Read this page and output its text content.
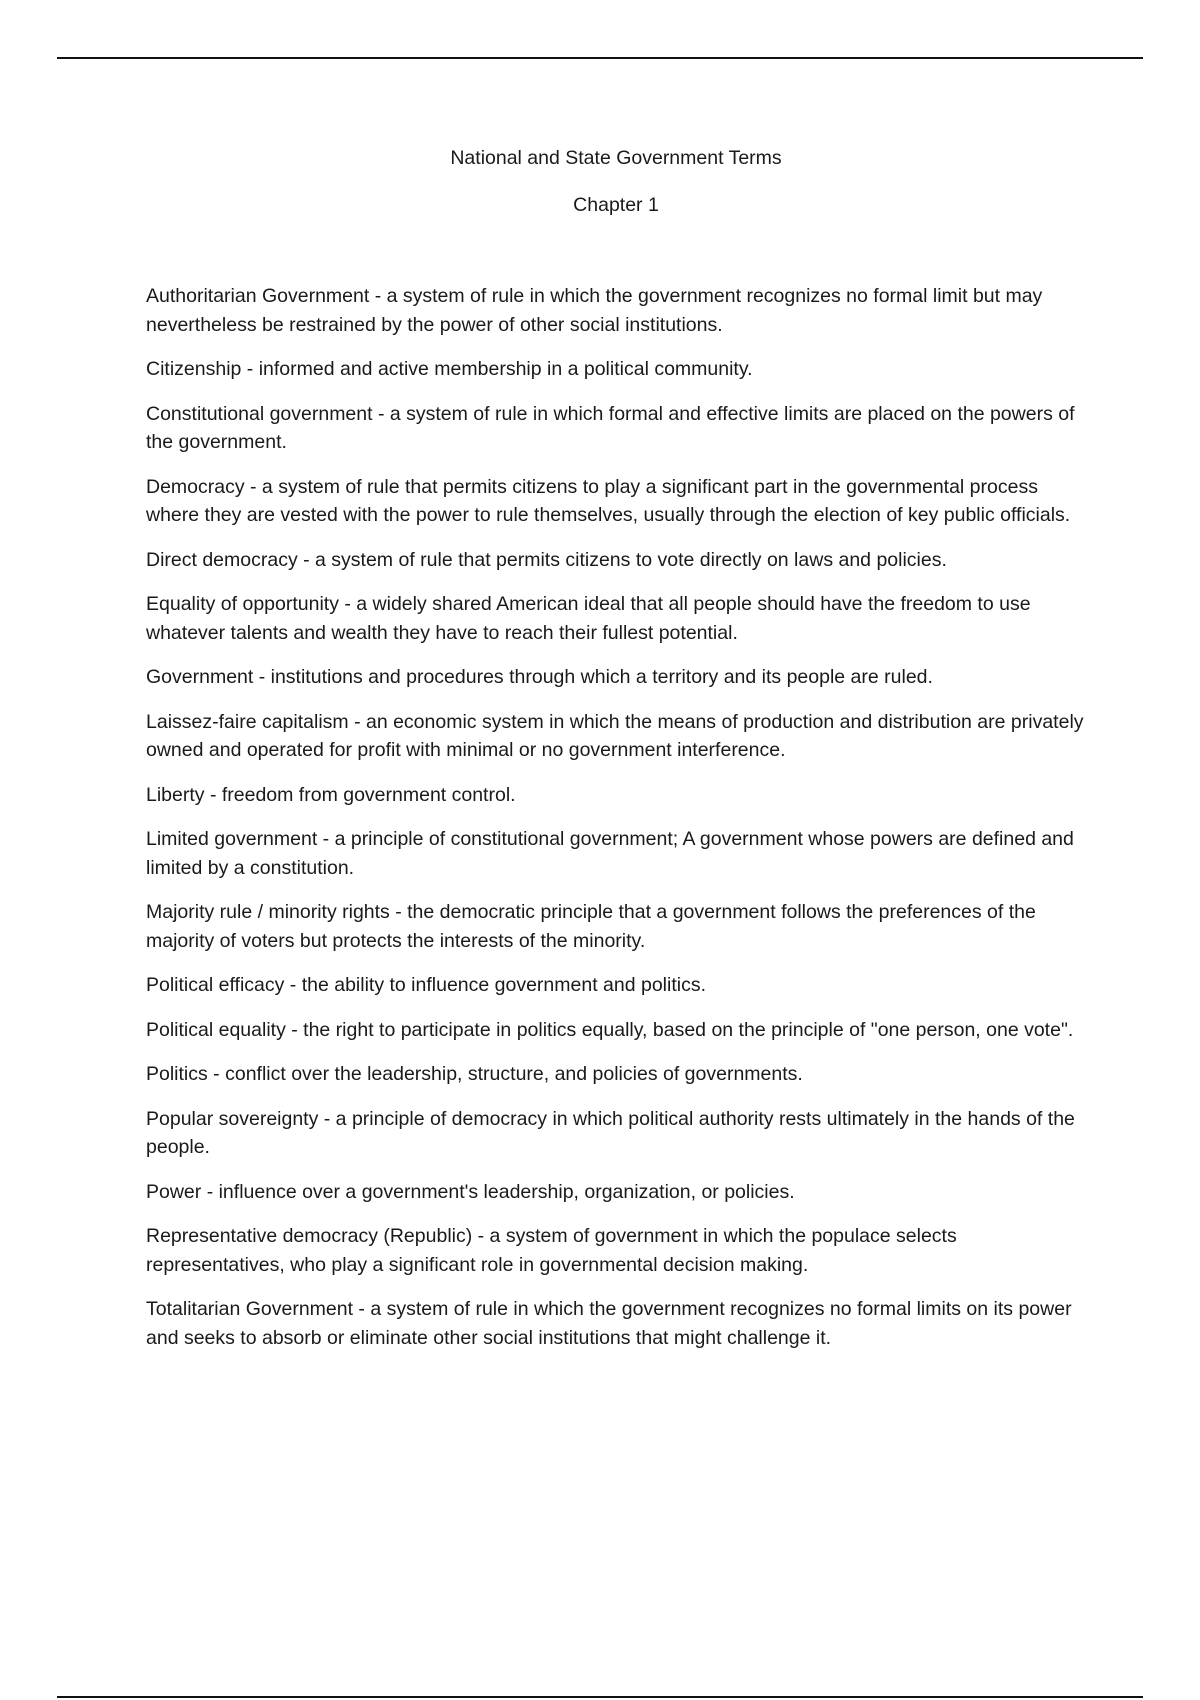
National and State Government Terms

Chapter 1

Authoritarian Government - a system of rule in which the government recognizes no formal limit but may nevertheless be restrained by the power of other social institutions.

Citizenship - informed and active membership in a political community.

Constitutional government - a system of rule in which formal and effective limits are placed on the powers of the government.

Democracy - a system of rule that permits citizens to play a significant part in the governmental process where they are vested with the power to rule themselves, usually through the election of key public officials.

Direct democracy - a system of rule that permits citizens to vote directly on laws and policies.

Equality of opportunity - a widely shared American ideal that all people should have the freedom to use whatever talents and wealth they have to reach their fullest potential.

Government - institutions and procedures through which a territory and its people are ruled.

Laissez-faire capitalism - an economic system in which the means of production and distribution are privately owned and operated for profit with minimal or no government interference.

Liberty - freedom from government control.

Limited government - a principle of constitutional government; A government whose powers are defined and limited by a constitution.

Majority rule / minority rights - the democratic principle that a government follows the preferences of the majority of voters but protects the interests of the minority.

Political efficacy - the ability to influence government and politics.

Political equality - the right to participate in politics equally, based on the principle of "one person, one vote".

Politics - conflict over the leadership, structure, and policies of governments.

Popular sovereignty - a principle of democracy in which political authority rests ultimately in the hands of the people.

Power - influence over a government's leadership, organization, or policies.

Representative democracy (Republic) - a system of government in which the populace selects representatives, who play a significant role in governmental decision making.

Totalitarian Government - a system of rule in which the government recognizes no formal limits on its power and seeks to absorb or eliminate other social institutions that might challenge it.
